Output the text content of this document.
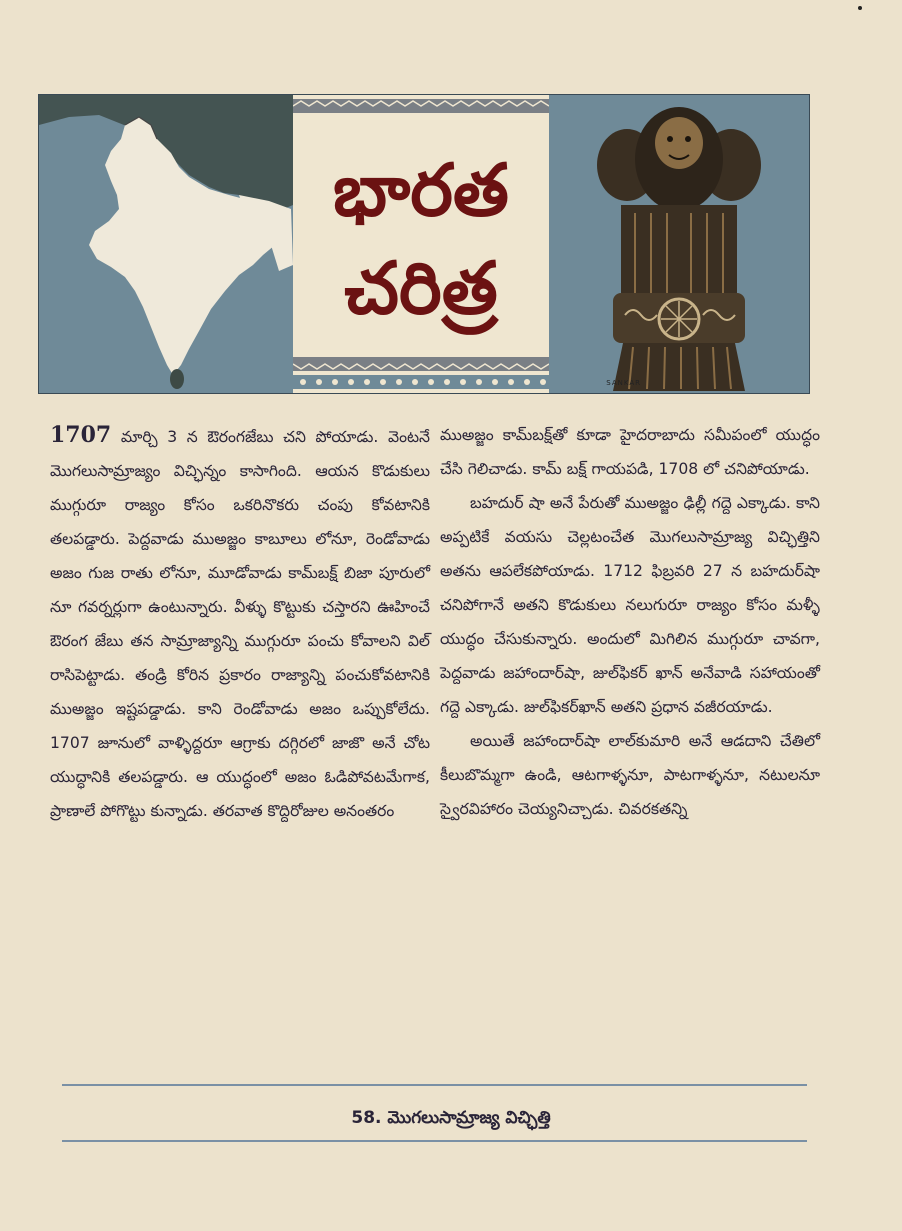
భారత
చరిత్ర
SANKAR

1707 మార్చి 3 న ఔరంగజేబు చని పోయాడు. వెంటనే మొగలుసామ్రాజ్యం విచ్ఛిన్నం కాసాగింది. ఆయన కొడుకులు ముగ్గురూ రాజ్యం కోసం ఒకరినొకరు చంపు కోవటానికి తలపడ్డారు. పెద్దవాడు ముఅజ్జం కాబూలు లోనూ, రెండోవాడు అజం గుజ రాతు లోనూ, మూడోవాడు కామ్‌బక్ష్ బిజా పూరులో నూ గవర్నర్లుగా ఉంటున్నారు. వీళ్ళు కొట్టుకు చస్తారని ఊహించే ఔరంగ జేబు తన సామ్రాజ్యాన్ని ముగ్గురూ పంచు కోవాలని విల్ రాసిపెట్టాడు. తండ్రి కోరిన ప్రకారం రాజ్యాన్ని పంచుకోవటానికి ముఅజ్జం ఇష్టపడ్డాడు. కాని రెండోవాడు అజం ఒప్పుకోలేదు. 1707 జూనులో వాళ్ళిద్దరూ ఆగ్రాకు దగ్గిరలో జాజొ అనే చోట యుద్ధానికి తలపడ్డారు. ఆ యుద్ధంలో అజం ఓడిపోవటమేగాక, ప్రాణాలే పోగొట్టు కున్నాడు. తరవాత కొద్దిరోజుల అనంతరం

ముఅజ్జం కామ్‌బక్ష్‌తో కూడా హైదరాబాదు సమీపంలో యుద్ధం చేసి గెలిచాడు. కామ్ బక్ష్ గాయపడి, 1708 లో చనిపోయాడు.

బహదుర్ షా అనే పేరుతో ముఅజ్జం ఢిల్లీ గద్దె ఎక్కాడు. కాని అప్పటికే వయసు చెల్లటంచేత మొగలుసామ్రాజ్య విచ్ఛిత్తిని అతను ఆపలేకపోయాడు. 1712 ఫిబ్రవరి 27 న బహదుర్‌షా చనిపోగానే అతని కొడుకులు నలుగురూ రాజ్యం కోసం మళ్ళీ యుద్ధం చేసుకున్నారు. అందులో మిగిలిన ముగ్గురూ చావగా, పెద్దవాడు జహాందార్‌షా, జుల్‌ఫికర్ ఖాన్ అనేవాడి సహాయంతో గద్దె ఎక్కాడు. జుల్‌ఫికర్‌ఖాన్ అతని ప్రధాన వజీరయాడు.

అయితే జహాందార్‌షా లాల్‌కుమారి అనే ఆడదాని చేతిలో కీలుబొమ్మగా ఉండి, ఆటగాళ్ళనూ, పాటగాళ్ళనూ, నటులనూ స్వైరవిహారం చెయ్యనిచ్చాడు. చివరకతన్ని

58. మొగలుసామ్రాజ్య విచ్ఛిత్తి
